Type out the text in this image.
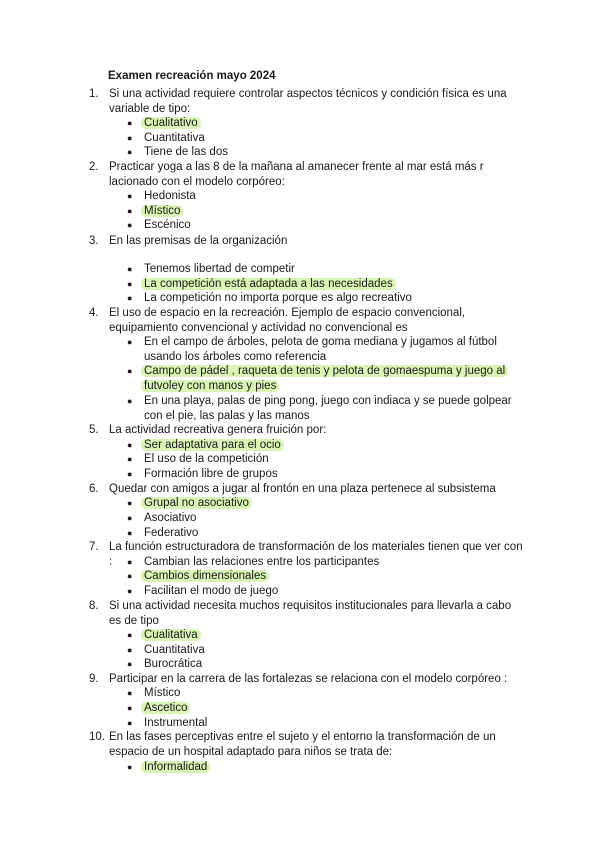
Examen recreación mayo 2024
1. Si una actividad requiere controlar aspectos técnicos y condición física es una variable de tipo:
● Cualitativo
● Cuantitativa
● Tiene de las dos
2. Practicar yoga a las 8 de la mañana al amanecer frente al mar está más r lacionado con el modelo corpóreo:
● Hedonista
● Místico
● Escénico
3. En las premisas de la organización
● Tenemos libertad de competir
● La competición está adaptada a las necesidades
● La competición no importa porque es algo recreativo
4. El uso de espacio en la recreación. Ejemplo de espacio convencional, equipamiento convencional y actividad no convencional es
● En el campo de árboles, pelota de goma mediana y jugamos al fútbol usando los árboles como referencia
● Campo de pádel , raqueta de tenis y pelota de gomaespuma y juego al futvoley con manos y pies
● En una playa, palas de ping pong, juego con indiaca y se puede golpear con el pie, las palas y las manos
5. La actividad recreativa genera fruición por:
● Ser adaptativa para el ocio
● El uso de la competición
● Formación libre de grupos
6. Quedar con amigos a jugar al frontón en una plaza pertenece al subsistema
● Grupal no asociativo
● Asociativo
● Federativo
7. La función estructuradora de transformación de los materiales tienen que ver con :	● Cambian las relaciones entre los participantes
● Cambios dimensionales
● Facilitan el modo de juego
8. Si una actividad necesita muchos requisitos institucionales para llevarla a cabo es de tipo
● Cualitativa
● Cuantitativa
● Burocrática
9. Participar en la carrera de las fortalezas se relaciona con el modelo corpóreo :
● Místico
● Ascetico
● Instrumental
10. En las fases perceptivas entre el sujeto y el entorno la transformación de un espacio de un hospital adaptado para niños se trata de:
● Informalidad
